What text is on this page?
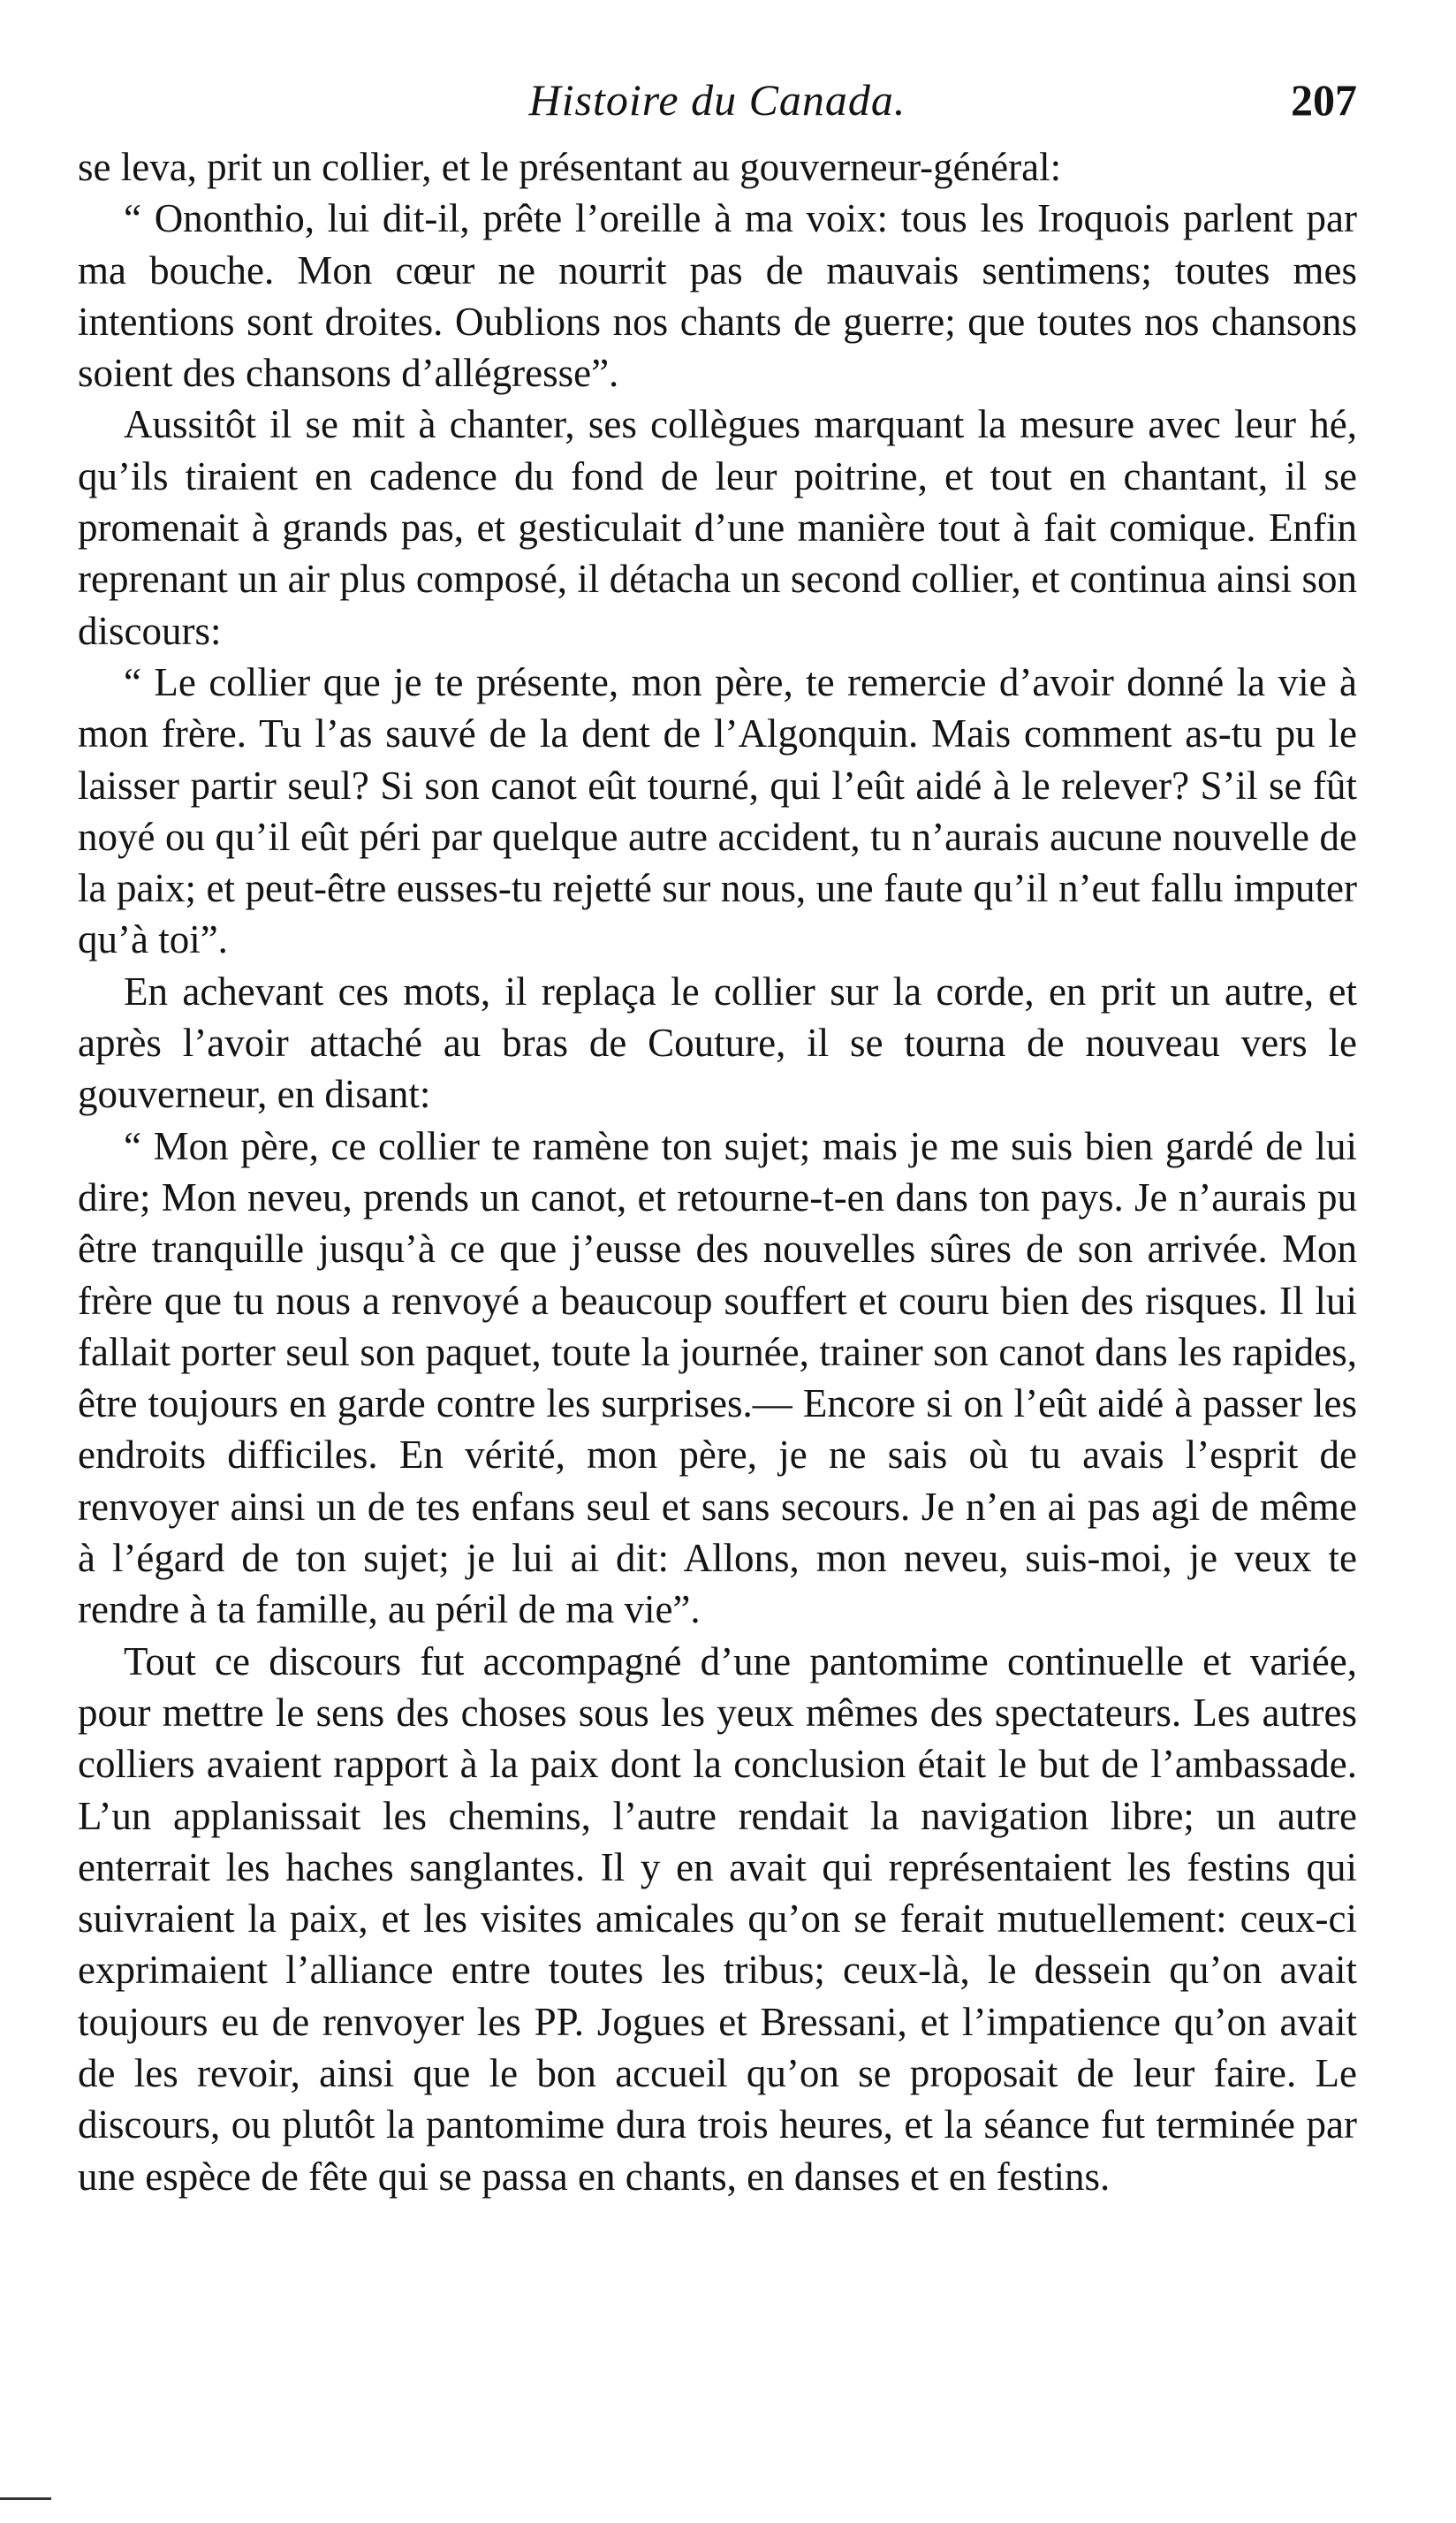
Histoire du Canada.	207

se leva, prit un collier, et le présentant au gouverneur-général:

“ Ononthio, lui dit-il, prête l’oreille à ma voix: tous les Iroquois parlent par ma bouche. Mon cœur ne nourrit pas de mauvais sentimens; toutes mes intentions sont droites. Oublions nos chants de guerre; que toutes nos chansons soient des chansons d’allégresse”.

Aussitôt il se mit à chanter, ses collègues marquant la mesure avec leur hé, qu’ils tiraient en cadence du fond de leur poitrine, et tout en chantant, il se promenait à grands pas, et gesticulait d’une manière tout à fait comique. Enfin reprenant un air plus composé, il détacha un second collier, et continua ainsi son discours:

“ Le collier que je te présente, mon père, te remercie d’avoir donné la vie à mon frère. Tu l’as sauvé de la dent de l’Algonquin. Mais comment as-tu pu le laisser partir seul? Si son canot eût tourné, qui l’eût aidé à le relever? S’il se fût noyé ou qu’il eût péri par quelque autre accident, tu n’aurais aucune nouvelle de la paix; et peut-être eusses-tu rejetté sur nous, une faute qu’il n’eut fallu imputer qu’à toi”.

En achevant ces mots, il replaça le collier sur la corde, en prit un autre, et après l’avoir attaché au bras de Couture, il se tourna de nouveau vers le gouverneur, en disant:

“ Mon père, ce collier te ramène ton sujet; mais je me suis bien gardé de lui dire; Mon neveu, prends un canot, et retourne-t-en dans ton pays. Je n’aurais pu être tranquille jusqu’à ce que j’eusse des nouvelles sûres de son arrivée. Mon frère que tu nous a renvoyé a beaucoup souffert et couru bien des risques. Il lui fallait porter seul son paquet, toute la journée, trainer son canot dans les rapides, être toujours en garde contre les surprises.— Encore si on l’eût aidé à passer les endroits difficiles. En vérité, mon père, je ne sais où tu avais l’esprit de renvoyer ainsi un de tes enfans seul et sans secours. Je n’en ai pas agi de même à l’égard de ton sujet; je lui ai dit: Allons, mon neveu, suis-moi, je veux te rendre à ta famille, au péril de ma vie”.

Tout ce discours fut accompagné d’une pantomime continuelle et variée, pour mettre le sens des choses sous les yeux mêmes des spectateurs. Les autres colliers avaient rapport à la paix dont la conclusion était le but de l’ambassade. L’un applanissait les chemins, l’autre rendait la navigation libre; un autre enterrait les haches sanglantes. Il y en avait qui représentaient les festins qui suivraient la paix, et les visites amicales qu’on se ferait mutuellement: ceux-ci exprimaient l’alliance entre toutes les tribus; ceux-là, le dessein qu’on avait toujours eu de renvoyer les PP. Jogues et Bressani, et l’impatience qu’on avait de les revoir, ainsi que le bon accueil qu’on se proposait de leur faire. Le discours, ou plutôt la pantomime dura trois heures, et la séance fut terminée par une espèce de fête qui se passa en chants, en danses et en festins.
